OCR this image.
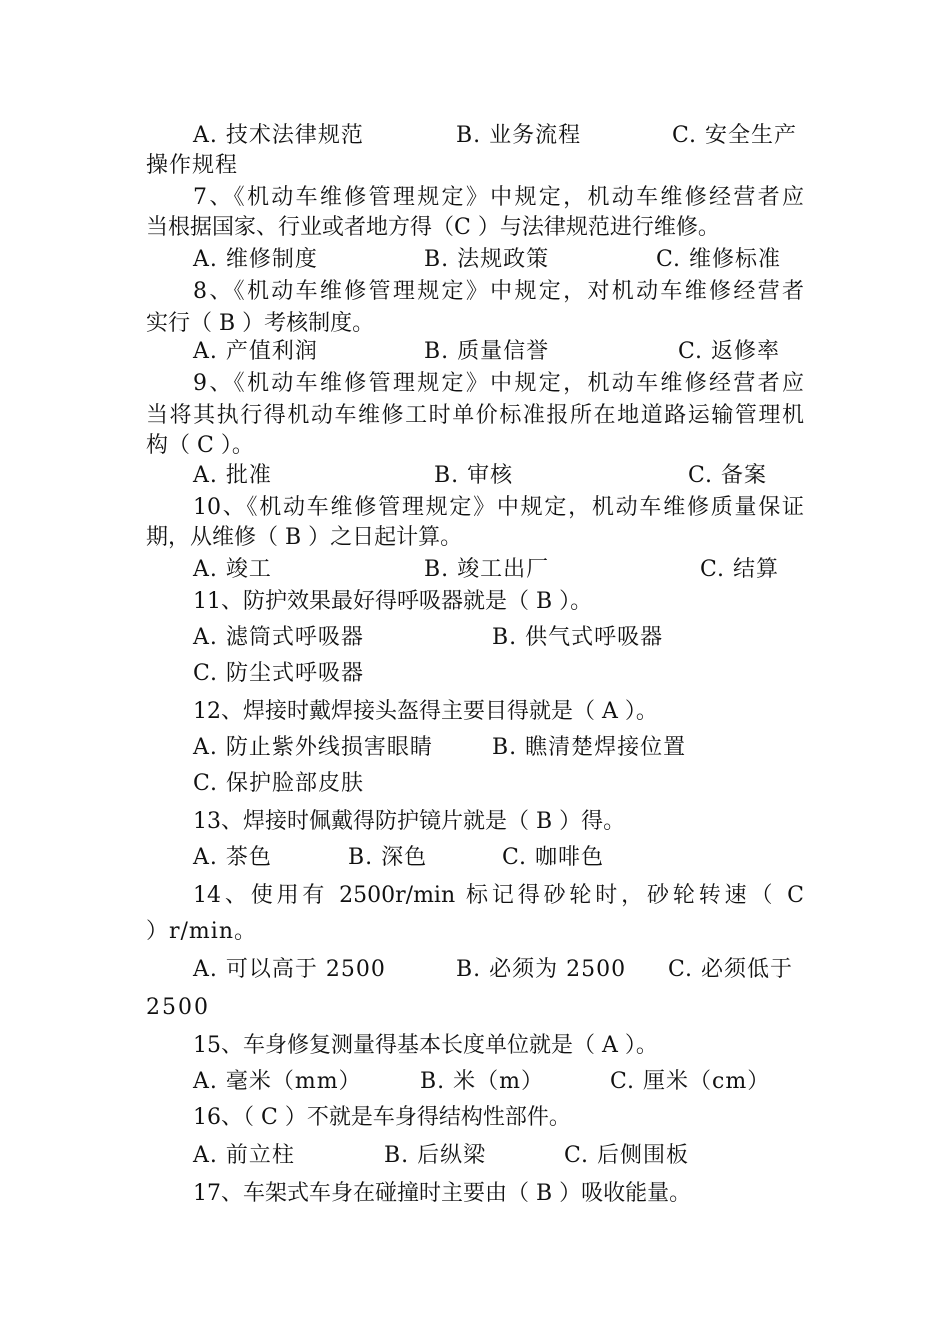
A. 技术法律规范	B. 业务流程	C. 安全生产
操作规程
7、《机动车维修管理规定》中规定，机动车维修经营者应
当根据国家、行业或者地方得（C ）与法律规范进行维修。
A. 维修制度	B. 法规政策	C. 维修标准
8、《机动车维修管理规定》中规定，对机动车维修经营者
实行（ B ）考核制度。
A. 产值利润	B. 质量信誉	C. 返修率
9、《机动车维修管理规定》中规定，机动车维修经营者应
当将其执行得机动车维修工时单价标准报所在地道路运输管理机
构（ C ）。
A. 批准	B. 审核	C. 备案
10、《机动车维修管理规定》中规定，机动车维修质量保证
期，从维修（ B ）之日起计算。
A. 竣工	B. 竣工出厂	C. 结算
11、防护效果最好得呼吸器就是（ B ）。
A. 滤筒式呼吸器	B. 供气式呼吸器
C. 防尘式呼吸器
12、焊接时戴焊接头盔得主要目得就是（ A ）。
A. 防止紫外线损害眼睛	B. 瞧清楚焊接位置
C. 保护脸部皮肤
13、焊接时佩戴得防护镜片就是（ B ）得。
A. 茶色	B. 深色	C. 咖啡色
14、使用有 2500r/min 标记得砂轮时，砂轮转速（ C
）r/min。
A. 可以高于 2500	B. 必须为 2500 C. 必须低于
2500
15、车身修复测量得基本长度单位就是（ A ）。
A. 毫米（mm）	B. 米（m）	C. 厘米（cm）
16、（ C ）不就是车身得结构性部件。
A. 前立柱	B. 后纵梁	C. 后侧围板
17、车架式车身在碰撞时主要由（ B ）吸收能量。
